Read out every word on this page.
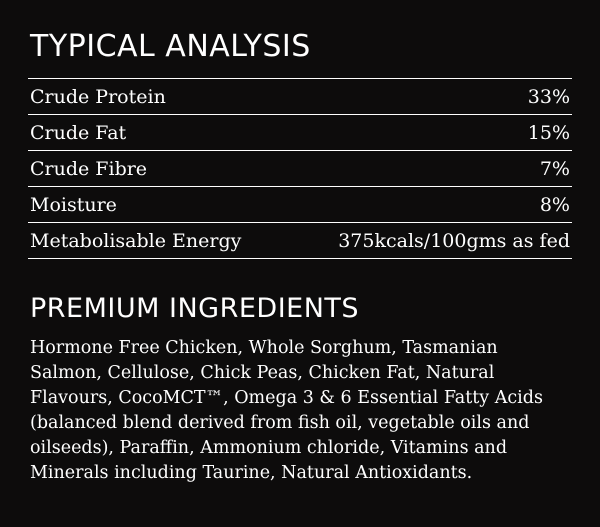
TYPICAL ANALYSIS
Crude Protein	33%
Crude Fat	15%
Crude Fibre	7%
Moisture	8%
Metabolisable Energy	375kcals/100gms as fed
PREMIUM INGREDIENTS

Hormone Free Chicken, Whole Sorghum, Tasmanian Salmon, Cellulose, Chick Peas, Chicken Fat, Natural Flavours, CocoMCT™, Omega 3 & 6 Essential Fatty Acids (balanced blend derived from fish oil, vegetable oils and oilseeds), Paraffin, Ammonium chloride, Vitamins and Minerals including Taurine, Natural Antioxidants.
